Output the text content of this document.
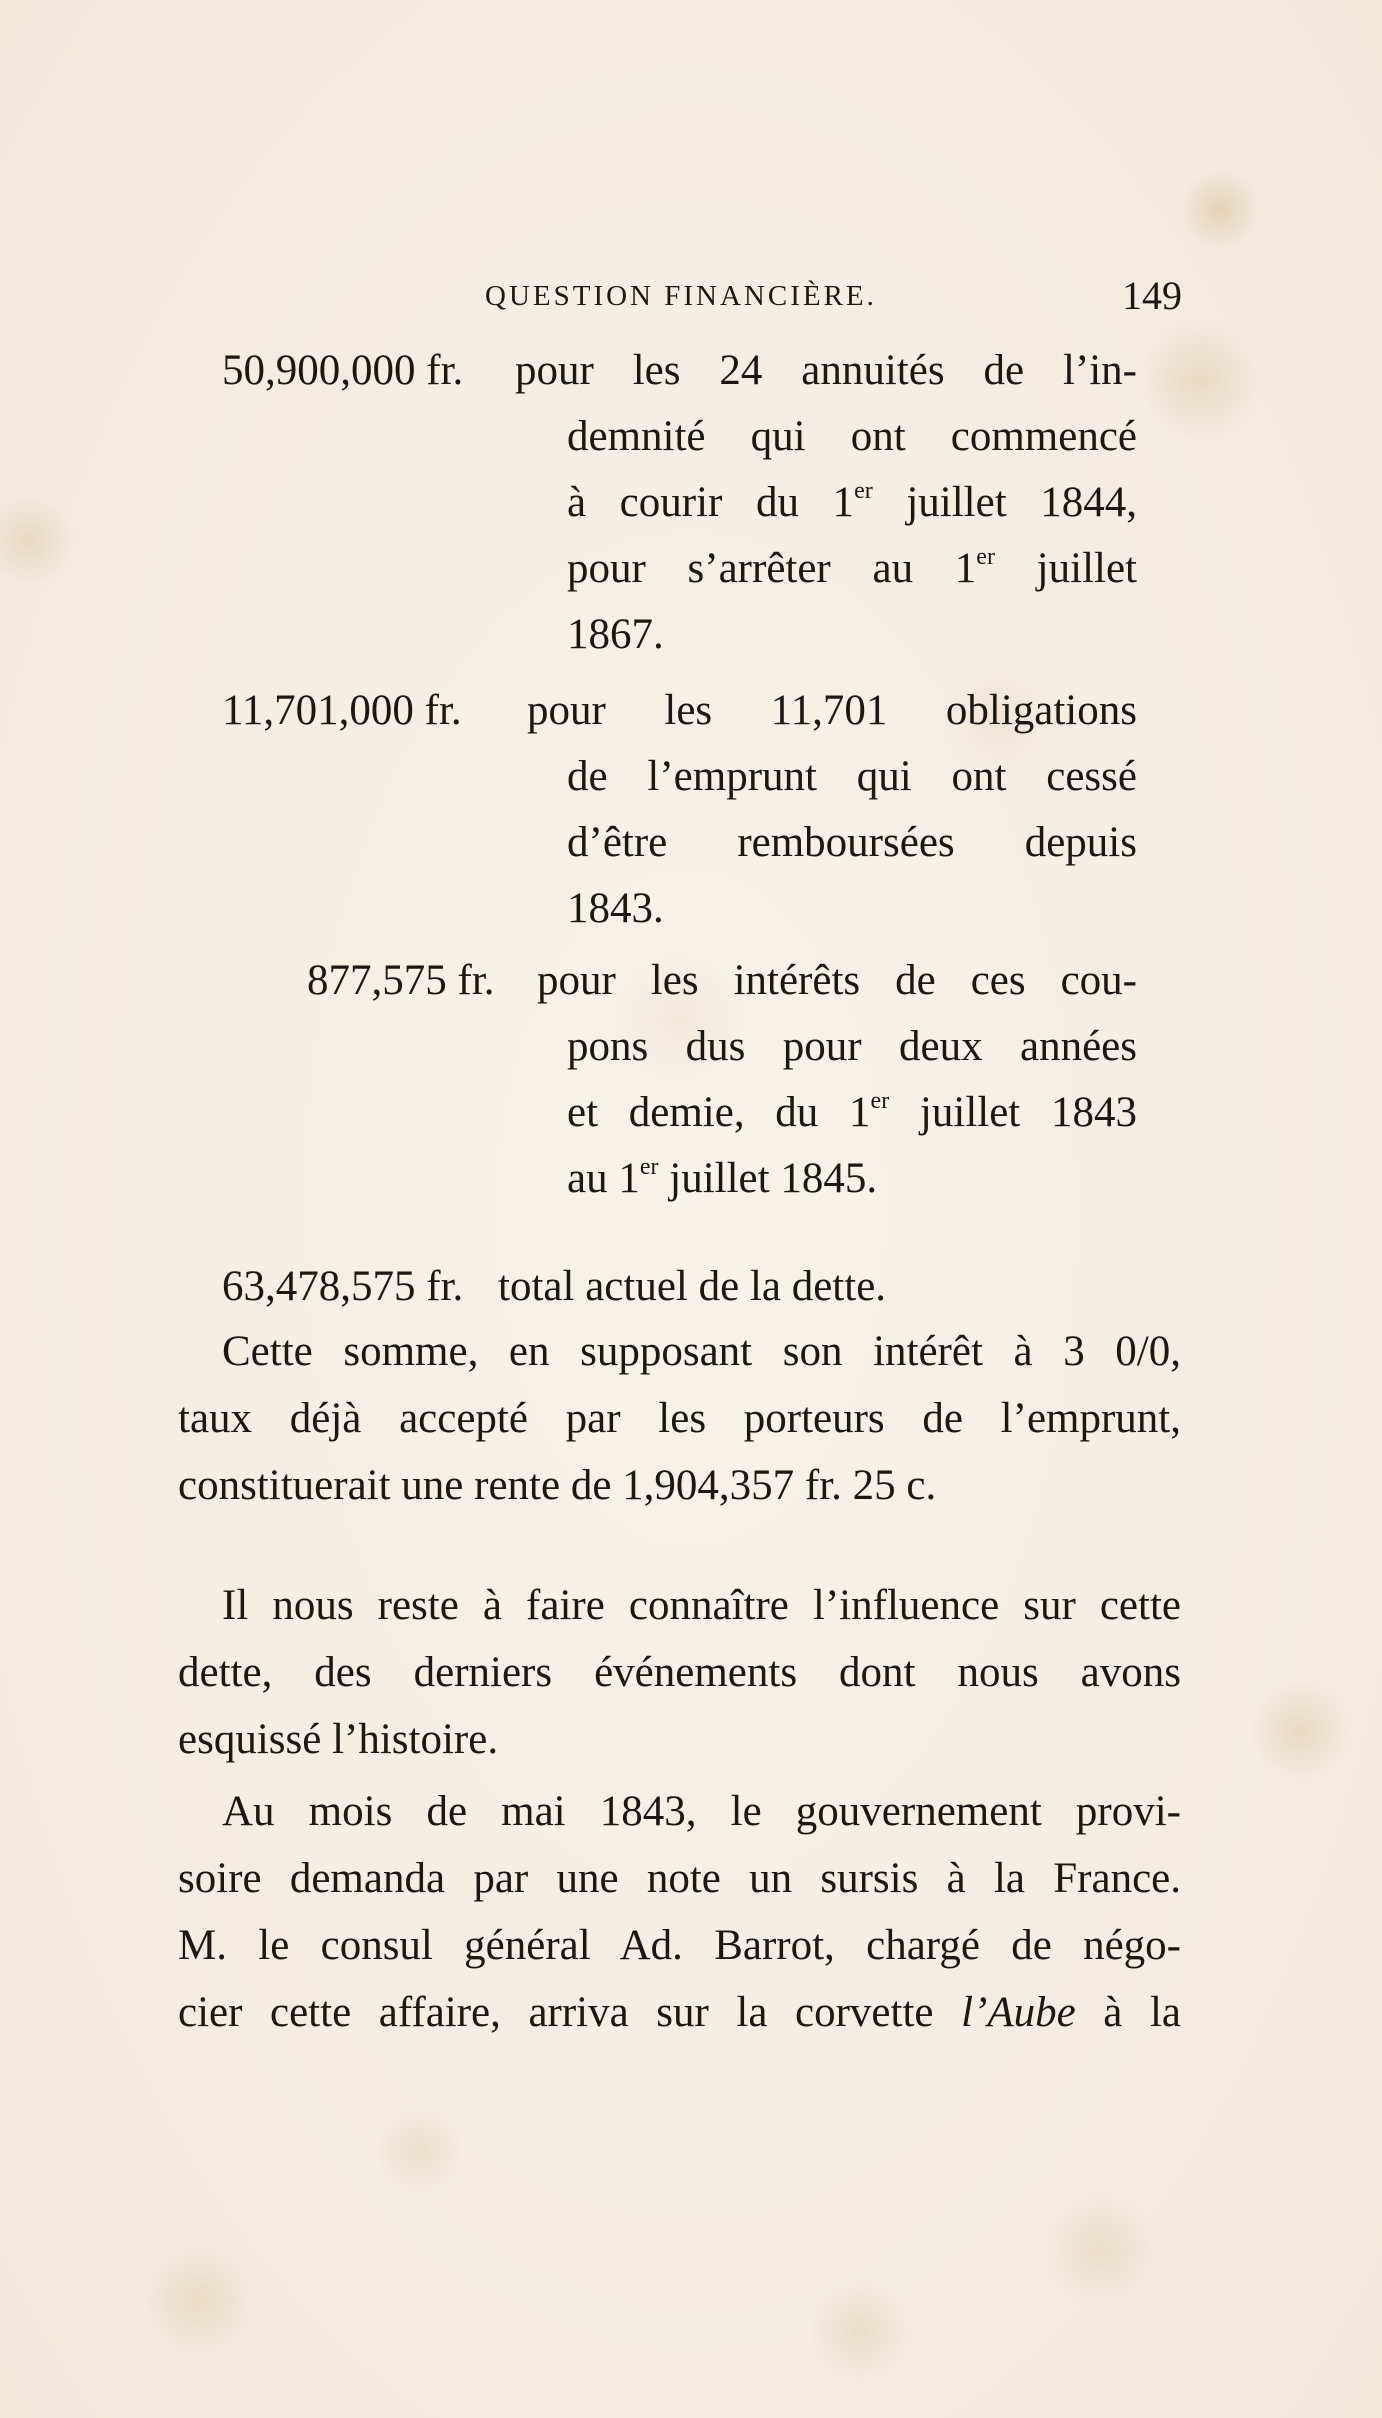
QUESTION FINANCIÈRE.	149
50,900,000 fr. pour les 24 annuités de l’in-
demnité qui ont commencé
à courir du 1er juillet 1844,
pour s’arrêter au 1er juillet
1867.
11,701,000 fr. pour les 11,701 obligations
de l’emprunt qui ont cessé
d’être remboursées depuis
1843.
877,575 fr. pour les intérêts de ces cou-
pons dus pour deux années
et demie, du 1er juillet 1843
au 1er juillet 1845.
63,478,575 fr. total actuel de la dette.
Cette somme, en supposant son intérêt à 3 0/0,
taux déjà accepté par les porteurs de l’emprunt,
constituerait une rente de 1,904,357 fr. 25 c.
Il nous reste à faire connaître l’influence sur cette
dette, des derniers événements dont nous avons
esquissé l’histoire.
Au mois de mai 1843, le gouvernement provi-
soire demanda par une note un sursis à la France.
M. le consul général Ad. Barrot, chargé de négo-
cier cette affaire, arriva sur la corvette l’Aube à la
